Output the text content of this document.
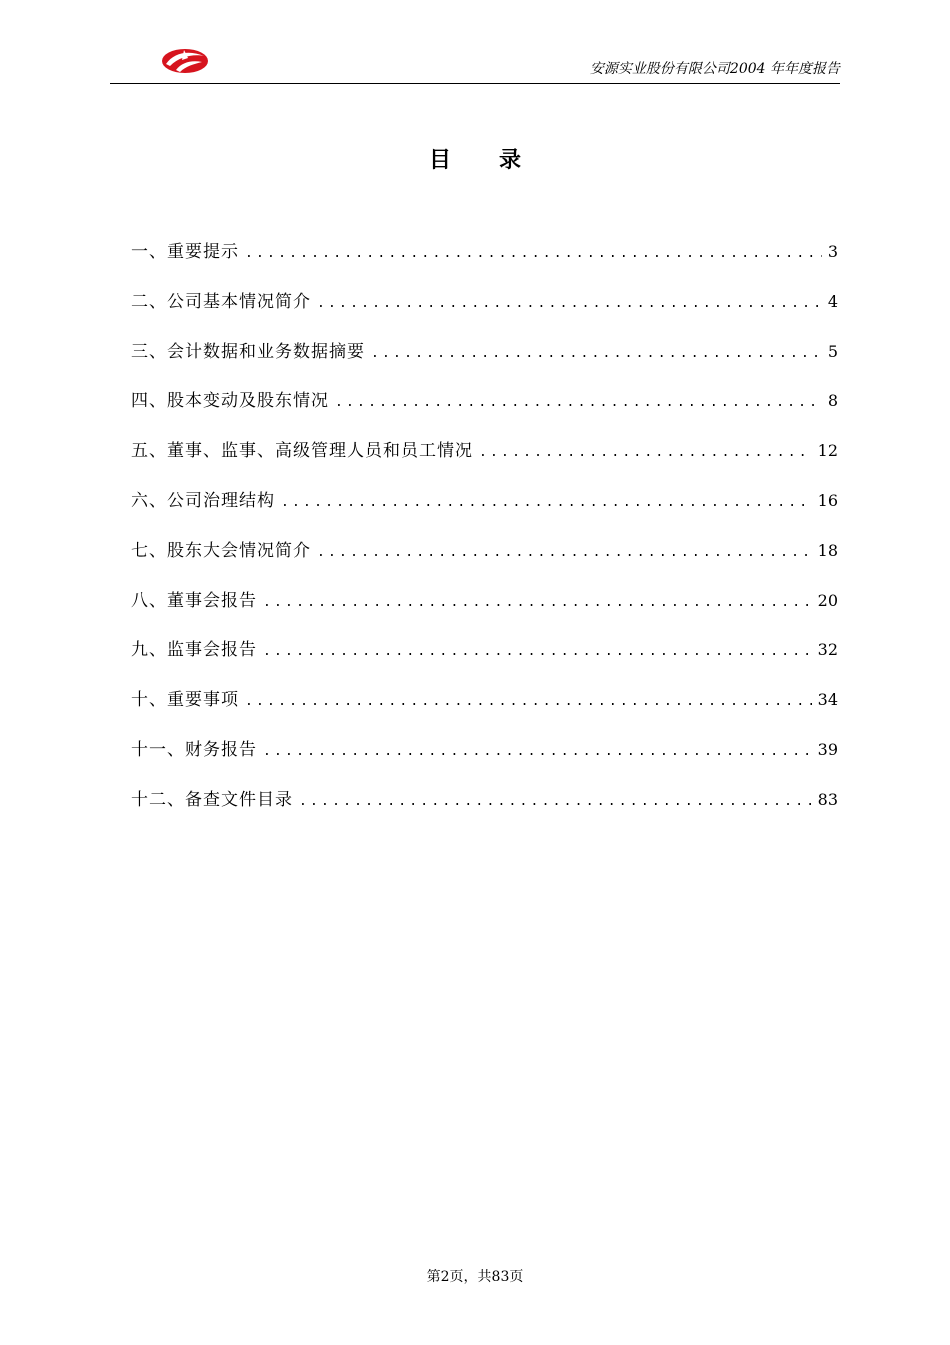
安源实业股份有限公司2004 年年度报告
目录
一、重要提示 .....	3
二、公司基本情况简介 .....	4
三、会计数据和业务数据摘要 .....	5
四、股本变动及股东情况 .....	8
五、董事、监事、高级管理人员和员工情况 .....	12
六、公司治理结构 .....	16
七、股东大会情况简介 .....	18
八、董事会报告 .....	20
九、监事会报告 .....	32
十、重要事项 .....	34
十一、财务报告 .....	39
十二、备查文件目录 .....	83
第2页，共83页
